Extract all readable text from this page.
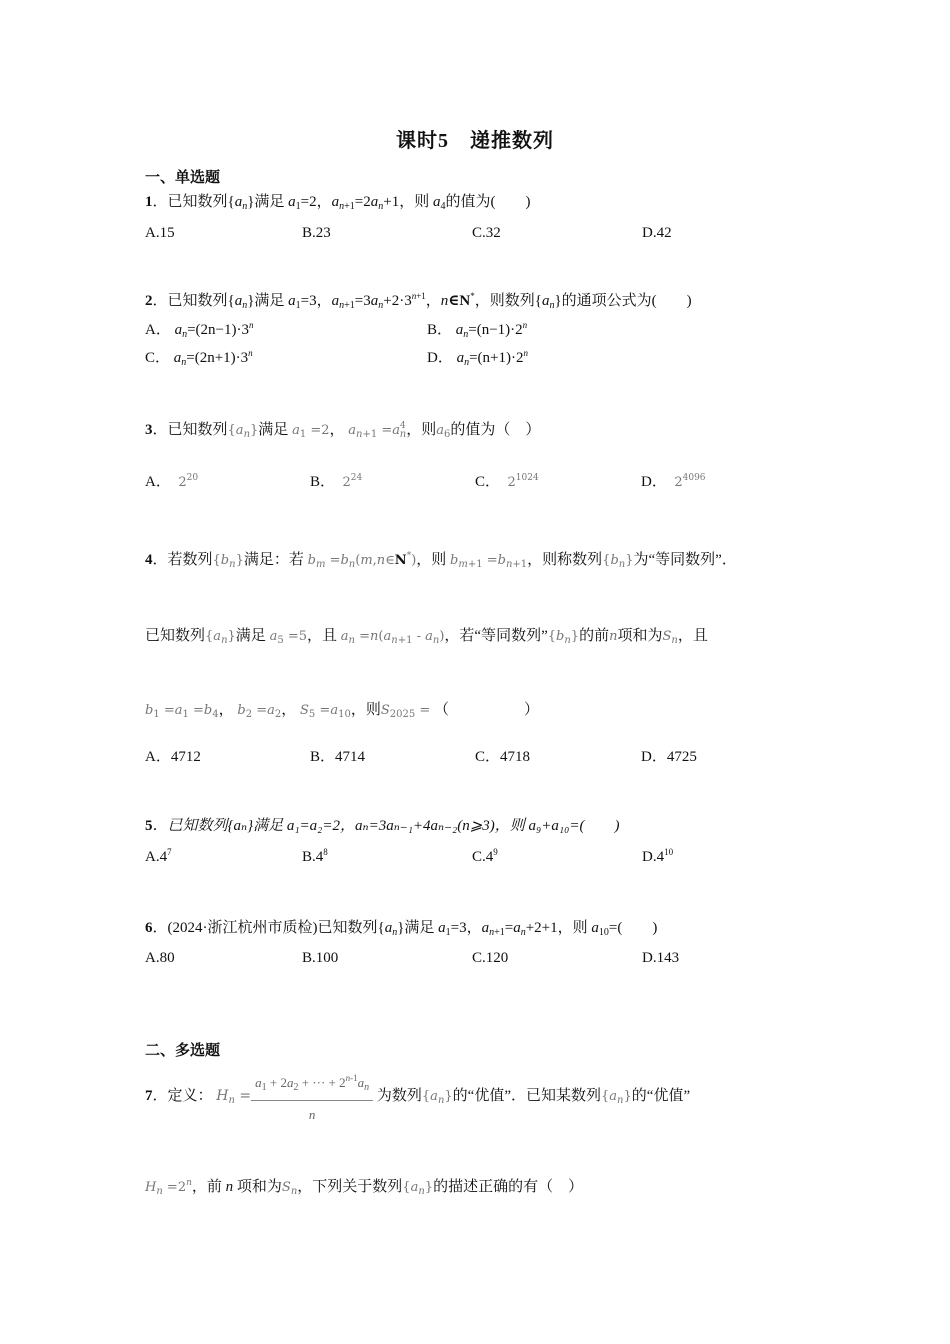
课时5　递推数列
一、单选题
1．已知数列$\{a_n\}$满足 $a_1=2$，$a_{n+1}=2a_n+1$，则 $a_4$的值为(　　)
A.15	B.23	C.32	D.42
2．已知数列$\{a_n\}$满足 $a_1=3$，$a_{n+1}=3a_n+2\cdot 3^{n+1}$，n∈N*，则数列$\{a_n\}$的通项公式为(　　)
A． $a_n=(2n-1)\cdot 3^n$	B． $a_n=(n-1)\cdot 2^n$
C． $a_n=(2n+1)\cdot 3^n$	D． $a_n=(n+1)\cdot 2^n$
3．已知数列$\{a_n\}$满足 $a_1 =2$， $a_{n+1} =a^4_n$，则$a_6$的值为（　）
A． $2^{20}$	B． $2^{24}$	C． $2^{1024}$	D． $2^{4096}$
4．若数列$\{b_n\}$满足：若 $b_m$ $=b_n(m,n\in N^*)$，则 $b_{m+1} =b_{n+1}$，则称数列$\{b_n\}$为“等同数列”．
已知数列$\{a_n\}$满足 $a_5 =5$，且 $a_n =n(a_{n+1} - a_n)$，若“等同数列$”\{b_n\}$的前n项和为$S_n$，且
$b_1 =a_1 =b_4$， $b_2 =a_2$， $S_5 =a_{10}$，则$S_{2025}$ = （　　　　　）
A．4712	B．4714	C．4718	D．4725
5．已知数列{aₙ}满足 a₁=a₂=2，aₙ=3aₙ₋₁+4aₙ₋₂(n⩾3)，则 a₉+a₁₀=(　　)
$A.4^7$	$B.4^8$	$C.4^9$	$D.4^{10}$
6．(2024·浙江杭州市质检)已知数列$\{a_n\}$满足 $a_1=3$，$a_{n+1}=a_n+2+1$，则 $a_{10}=$(　　)
A.80	B.100	C.120	D.143
二、多选题
7．定义： $H_n = \frac{a_1 + 2a_2 + \cdot\cdot\cdot + 2^{n-1}a_n}{n}$ 为数列$\{a_n\}$的“优值”．已知某数列$\{a_n\}$的“优值”
$H_n =2^n$，前 n 项和为$S_n$，下列关于数列$\{a_n\}$的描述正确的有（　）
